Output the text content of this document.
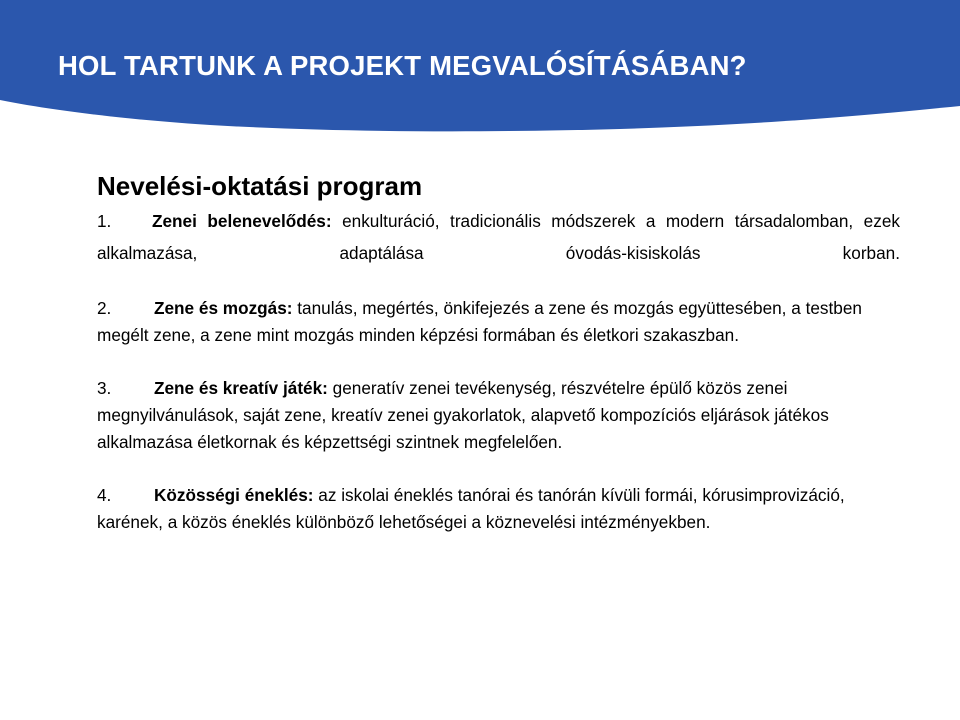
HOL TARTUNK A PROJEKT MEGVALÓSÍTÁSÁBAN?
Nevelési-oktatási program

1. Zenei belenevelődés: enkulturáció, tradicionális módszerek a modern társadalomban, ezek alkalmazása, adaptálása óvodás-kisiskolás korban.

2. Zene és mozgás: tanulás, megértés, önkifejezés a zene és mozgás együttesében, a testben megélt zene, a zene mint mozgás minden képzési formában és életkori szakaszban.

3. Zene és kreatív játék: generatív zenei tevékenység, részvételre épülő közös zenei megnyilvánulások, saját zene, kreatív zenei gyakorlatok, alapvető kompozíciós eljárások játékos alkalmazása életkornak és képzettségi szintnek megfelelően.

4. Közösségi éneklés: az iskolai éneklés tanórai és tanórán kívüli formái, kórusimprovizáció, karének, a közös éneklés különböző lehetőségei a köznevelési intézményekben.
